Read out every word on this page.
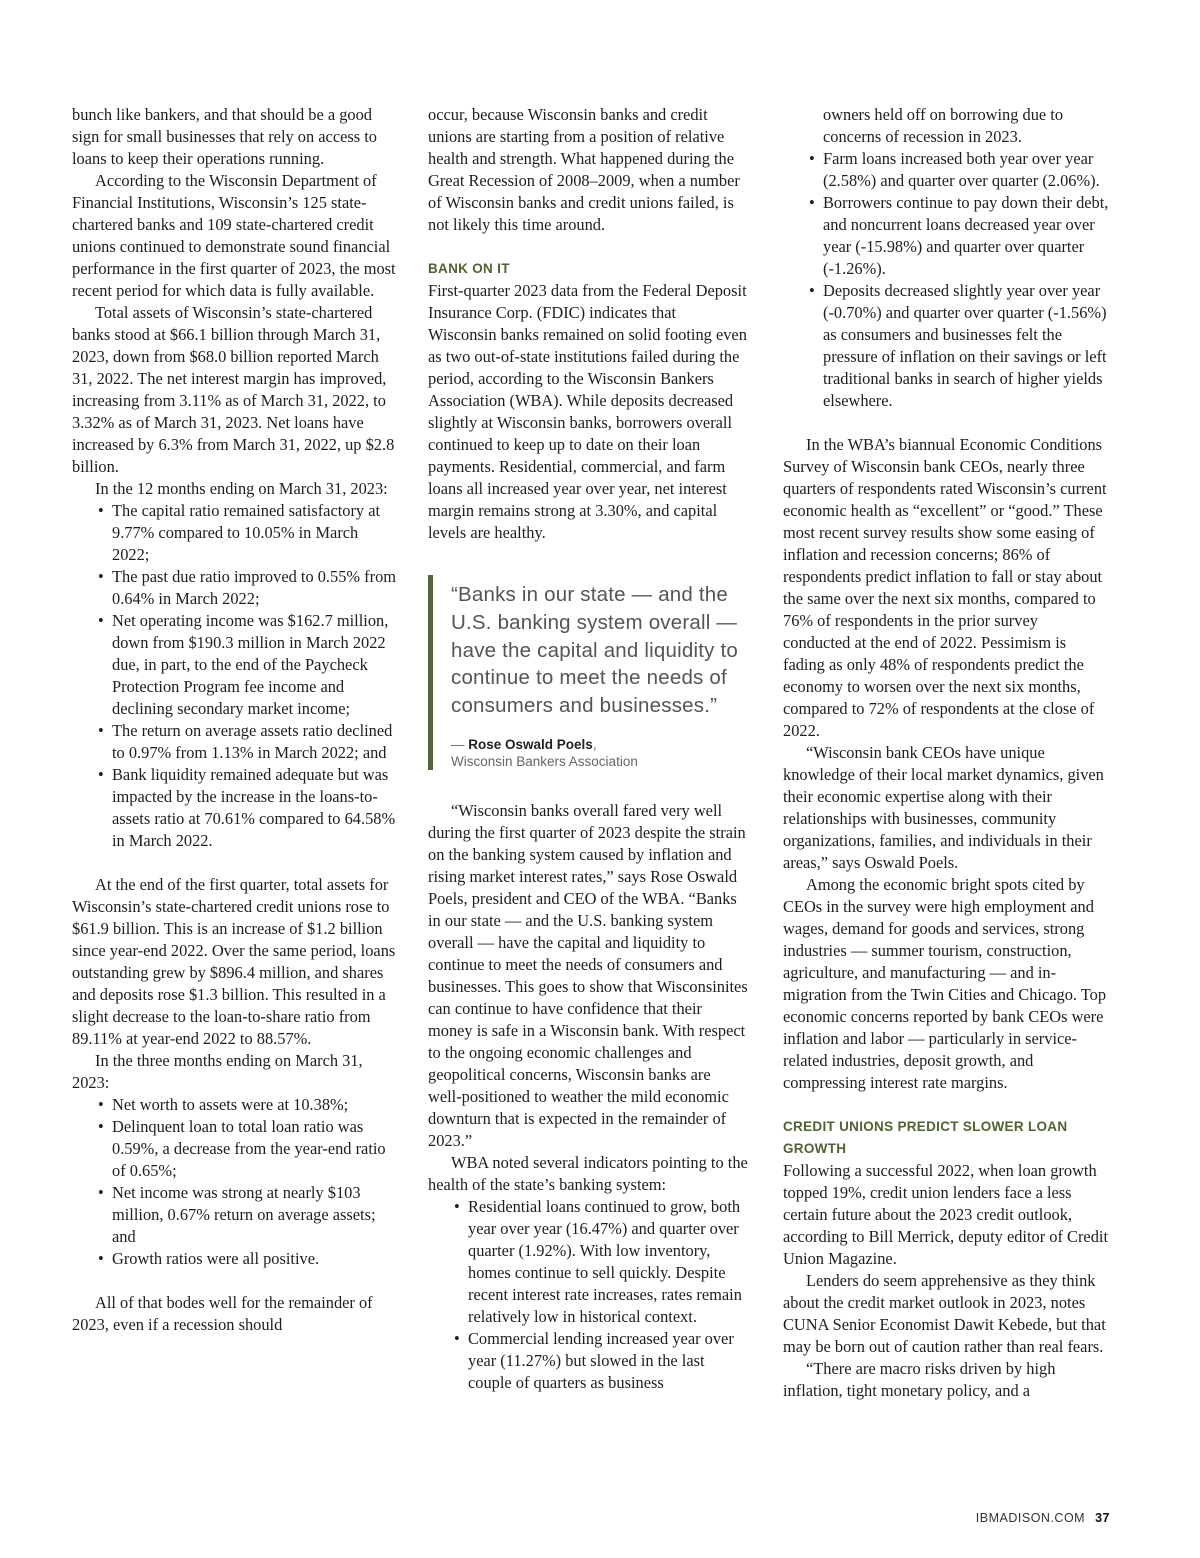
bunch like bankers, and that should be a good sign for small businesses that rely on access to loans to keep their operations running.

According to the Wisconsin Department of Financial Institutions, Wisconsin’s 125 state-chartered banks and 109 state-chartered credit unions continued to demonstrate sound financial performance in the first quarter of 2023, the most recent period for which data is fully available.

Total assets of Wisconsin’s state-chartered banks stood at $66.1 billion through March 31, 2023, down from $68.0 billion reported March 31, 2022. The net interest margin has improved, increasing from 3.11% as of March 31, 2022, to 3.32% as of March 31, 2023. Net loans have increased by 6.3% from March 31, 2022, up $2.8 billion.

In the 12 months ending on March 31, 2023:

• The capital ratio remained satisfactory at 9.77% compared to 10.05% in March 2022;
• The past due ratio improved to 0.55% from 0.64% in March 2022;
• Net operating income was $162.7 million, down from $190.3 million in March 2022 due, in part, to the end of the Paycheck Protection Program fee income and declining secondary market income;
• The return on average assets ratio declined to 0.97% from 1.13% in March 2022; and
• Bank liquidity remained adequate but was impacted by the increase in the loans-to-assets ratio at 70.61% compared to 64.58% in March 2022.

At the end of the first quarter, total assets for Wisconsin’s state-chartered credit unions rose to $61.9 billion. This is an increase of $1.2 billion since year-end 2022. Over the same period, loans outstanding grew by $896.4 million, and shares and deposits rose $1.3 billion. This resulted in a slight decrease to the loan-to-share ratio from 89.11% at year-end 2022 to 88.57%.

In the three months ending on March 31, 2023:

• Net worth to assets were at 10.38%;
• Delinquent loan to total loan ratio was 0.59%, a decrease from the year-end ratio of 0.65%;
• Net income was strong at nearly $103 million, 0.67% return on average assets; and
• Growth ratios were all positive.

All of that bodes well for the remainder of 2023, even if a recession should

occur, because Wisconsin banks and credit unions are starting from a position of relative health and strength. What happened during the Great Recession of 2008–2009, when a number of Wisconsin banks and credit unions failed, is not likely this time around.

BANK ON IT

First-quarter 2023 data from the Federal Deposit Insurance Corp. (FDIC) indicates that Wisconsin banks remained on solid footing even as two out-of-state institutions failed during the period, according to the Wisconsin Bankers Association (WBA). While deposits decreased slightly at Wisconsin banks, borrowers overall continued to keep up to date on their loan payments. Residential, commercial, and farm loans all increased year over year, net interest margin remains strong at 3.30%, and capital levels are healthy.

“Banks in our state — and the U.S. banking system overall — have the capital and liquidity to continue to meet the needs of consumers and businesses.”
— Rose Oswald Poels,
Wisconsin Bankers Association

“Wisconsin banks overall fared very well during the first quarter of 2023 despite the strain on the banking system caused by inflation and rising market interest rates,” says Rose Oswald Poels, president and CEO of the WBA. “Banks in our state — and the U.S. banking system overall — have the capital and liquidity to continue to meet the needs of consumers and businesses. This goes to show that Wisconsinites can continue to have confidence that their money is safe in a Wisconsin bank. With respect to the ongoing economic challenges and geopolitical concerns, Wisconsin banks are well-positioned to weather the mild economic downturn that is expected in the remainder of 2023.”

WBA noted several indicators pointing to the health of the state’s banking system:

• Residential loans continued to grow, both year over year (16.47%) and quarter over quarter (1.92%). With low inventory, homes continue to sell quickly. Despite recent interest rate increases, rates remain relatively low in historical context.
• Commercial lending increased year over year (11.27%) but slowed in the last couple of quarters as business
owners held off on borrowing due to concerns of recession in 2023.
• Farm loans increased both year over year (2.58%) and quarter over quarter (2.06%).
• Borrowers continue to pay down their debt, and noncurrent loans decreased year over year (-15.98%) and quarter over quarter (-1.26%).
• Deposits decreased slightly year over year (-0.70%) and quarter over quarter (-1.56%) as consumers and businesses felt the pressure of inflation on their savings or left traditional banks in search of higher yields elsewhere.

In the WBA’s biannual Economic Conditions Survey of Wisconsin bank CEOs, nearly three quarters of respondents rated Wisconsin’s current economic health as “excellent” or “good.” These most recent survey results show some easing of inflation and recession concerns; 86% of respondents predict inflation to fall or stay about the same over the next six months, compared to 76% of respondents in the prior survey conducted at the end of 2022. Pessimism is fading as only 48% of respondents predict the economy to worsen over the next six months, compared to 72% of respondents at the close of 2022.

“Wisconsin bank CEOs have unique knowledge of their local market dynamics, given their economic expertise along with their relationships with businesses, community organizations, families, and individuals in their areas,” says Oswald Poels.

Among the economic bright spots cited by CEOs in the survey were high employment and wages, demand for goods and services, strong industries — summer tourism, construction, agriculture, and manufacturing — and in-migration from the Twin Cities and Chicago. Top economic concerns reported by bank CEOs were inflation and labor — particularly in service-related industries, deposit growth, and compressing interest rate margins.

CREDIT UNIONS PREDICT SLOWER LOAN GROWTH

Following a successful 2022, when loan growth topped 19%, credit union lenders face a less certain future about the 2023 credit outlook, according to Bill Merrick, deputy editor of Credit Union Magazine.

Lenders do seem apprehensive as they think about the credit market outlook in 2023, notes CUNA Senior Economist Dawit Kebede, but that may be born out of caution rather than real fears.

“There are macro risks driven by high inflation, tight monetary policy, and a

IBMADISON.COM 37
